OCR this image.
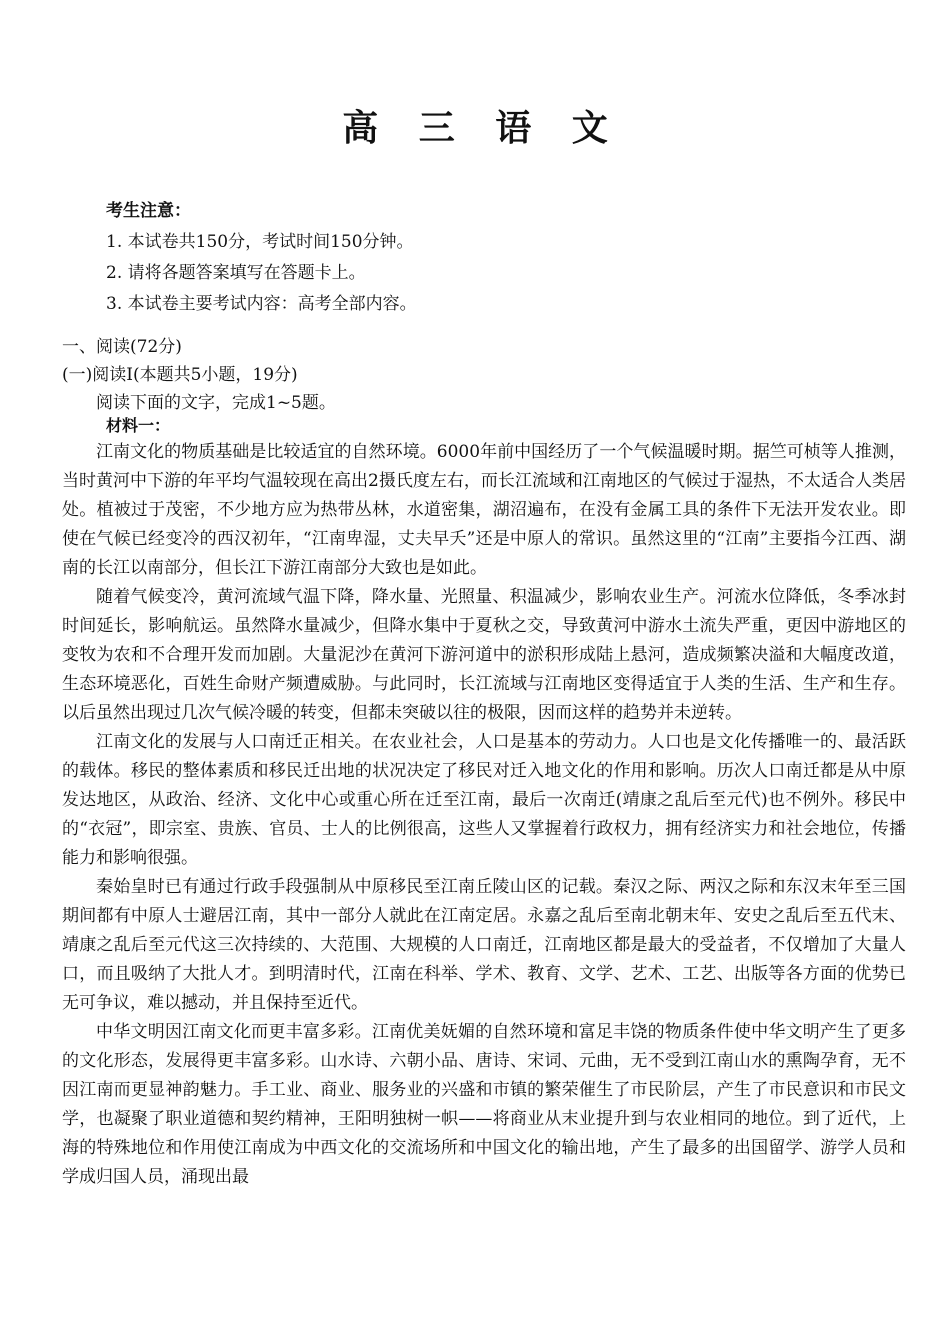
高 三 语 文
考生注意：
1. 本试卷共150分，考试时间150分钟。
2. 请将各题答案填写在答题卡上。
3. 本试卷主要考试内容：高考全部内容。
一、阅读(72分)
(一)阅读Ⅰ(本题共5小题，19分)
阅读下面的文字，完成1~5题。
材料一：

江南文化的物质基础是比较适宜的自然环境。6000年前中国经历了一个气候温暖时期。据竺可桢等人推测，当时黄河中下游的年平均气温较现在高出2摄氏度左右，而长江流域和江南地区的气候过于湿热，不太适合人类居处。植被过于茂密，不少地方应为热带丛林，水道密集，湖沼遍布，在没有金属工具的条件下无法开发农业。即使在气候已经变冷的西汉初年，“江南卑湿，丈夫早夭”还是中原人的常识。虽然这里的“江南”主要指今江西、湖南的长江以南部分，但长江下游江南部分大致也是如此。

随着气候变冷，黄河流域气温下降，降水量、光照量、积温减少，影响农业生产。河流水位降低，冬季冰封时间延长，影响航运。虽然降水量减少，但降水集中于夏秋之交，导致黄河中游水土流失严重，更因中游地区的变牧为农和不合理开发而加剧。大量泥沙在黄河下游河道中的淤积形成陆上悬河，造成频繁决溢和大幅度改道，生态环境恶化，百姓生命财产频遭威胁。与此同时，长江流域与江南地区变得适宜于人类的生活、生产和生存。以后虽然出现过几次气候冷暖的转变，但都未突破以往的极限，因而这样的趋势并未逆转。

江南文化的发展与人口南迁正相关。在农业社会，人口是基本的劳动力。人口也是文化传播唯一的、最活跃的载体。移民的整体素质和移民迁出地的状况决定了移民对迁入地文化的作用和影响。历次人口南迁都是从中原发达地区，从政治、经济、文化中心或重心所在迁至江南，最后一次南迁(靖康之乱后至元代)也不例外。移民中的“衣冠”，即宗室、贵族、官员、士人的比例很高，这些人又掌握着行政权力，拥有经济实力和社会地位，传播能力和影响很强。

秦始皇时已有通过行政手段强制从中原移民至江南丘陵山区的记载。秦汉之际、两汉之际和东汉末年至三国期间都有中原人士避居江南，其中一部分人就此在江南定居。永嘉之乱后至南北朝末年、安史之乱后至五代末、靖康之乱后至元代这三次持续的、大范围、大规模的人口南迁，江南地区都是最大的受益者，不仅增加了大量人口，而且吸纳了大批人才。到明清时代，江南在科举、学术、教育、文学、艺术、工艺、出版等各方面的优势已无可争议，难以撼动，并且保持至近代。

中华文明因江南文化而更丰富多彩。江南优美妩媚的自然环境和富足丰饶的物质条件使中华文明产生了更多的文化形态，发展得更丰富多彩。山水诗、六朝小品、唐诗、宋词、元曲，无不受到江南山水的熏陶孕育，无不因江南而更显神韵魅力。手工业、商业、服务业的兴盛和市镇的繁荣催生了市民阶层，产生了市民意识和市民文学，也凝聚了职业道德和契约精神，王阳明独树一帜——将商业从末业提升到与农业相同的地位。到了近代，上海的特殊地位和作用使江南成为中西文化的交流场所和中国文化的输出地，产生了最多的出国留学、游学人员和学成归国人员，涌现出最
